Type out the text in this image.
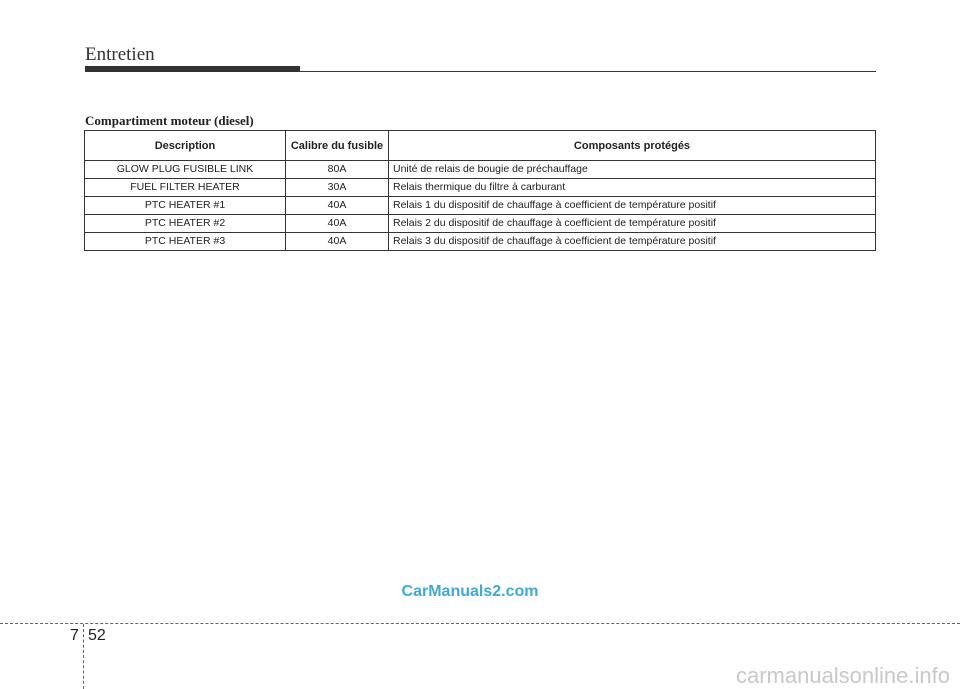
Entretien
Compartiment moteur (diesel)
Description	Calibre du fusible	Composants protégés
GLOW PLUG FUSIBLE LINK	80A	Unité de relais de bougie de préchauffage
FUEL FILTER HEATER	30A	Relais thermique du filtre à carburant
PTC HEATER #1	40A	Relais 1 du dispositif de chauffage à coefficient de température positif
PTC HEATER #2	40A	Relais 2 du dispositif de chauffage à coefficient de température positif
PTC HEATER #3	40A	Relais 3 du dispositif de chauffage à coefficient de température positif
CarManuals2.com
7 52
carmanualsonline.info
